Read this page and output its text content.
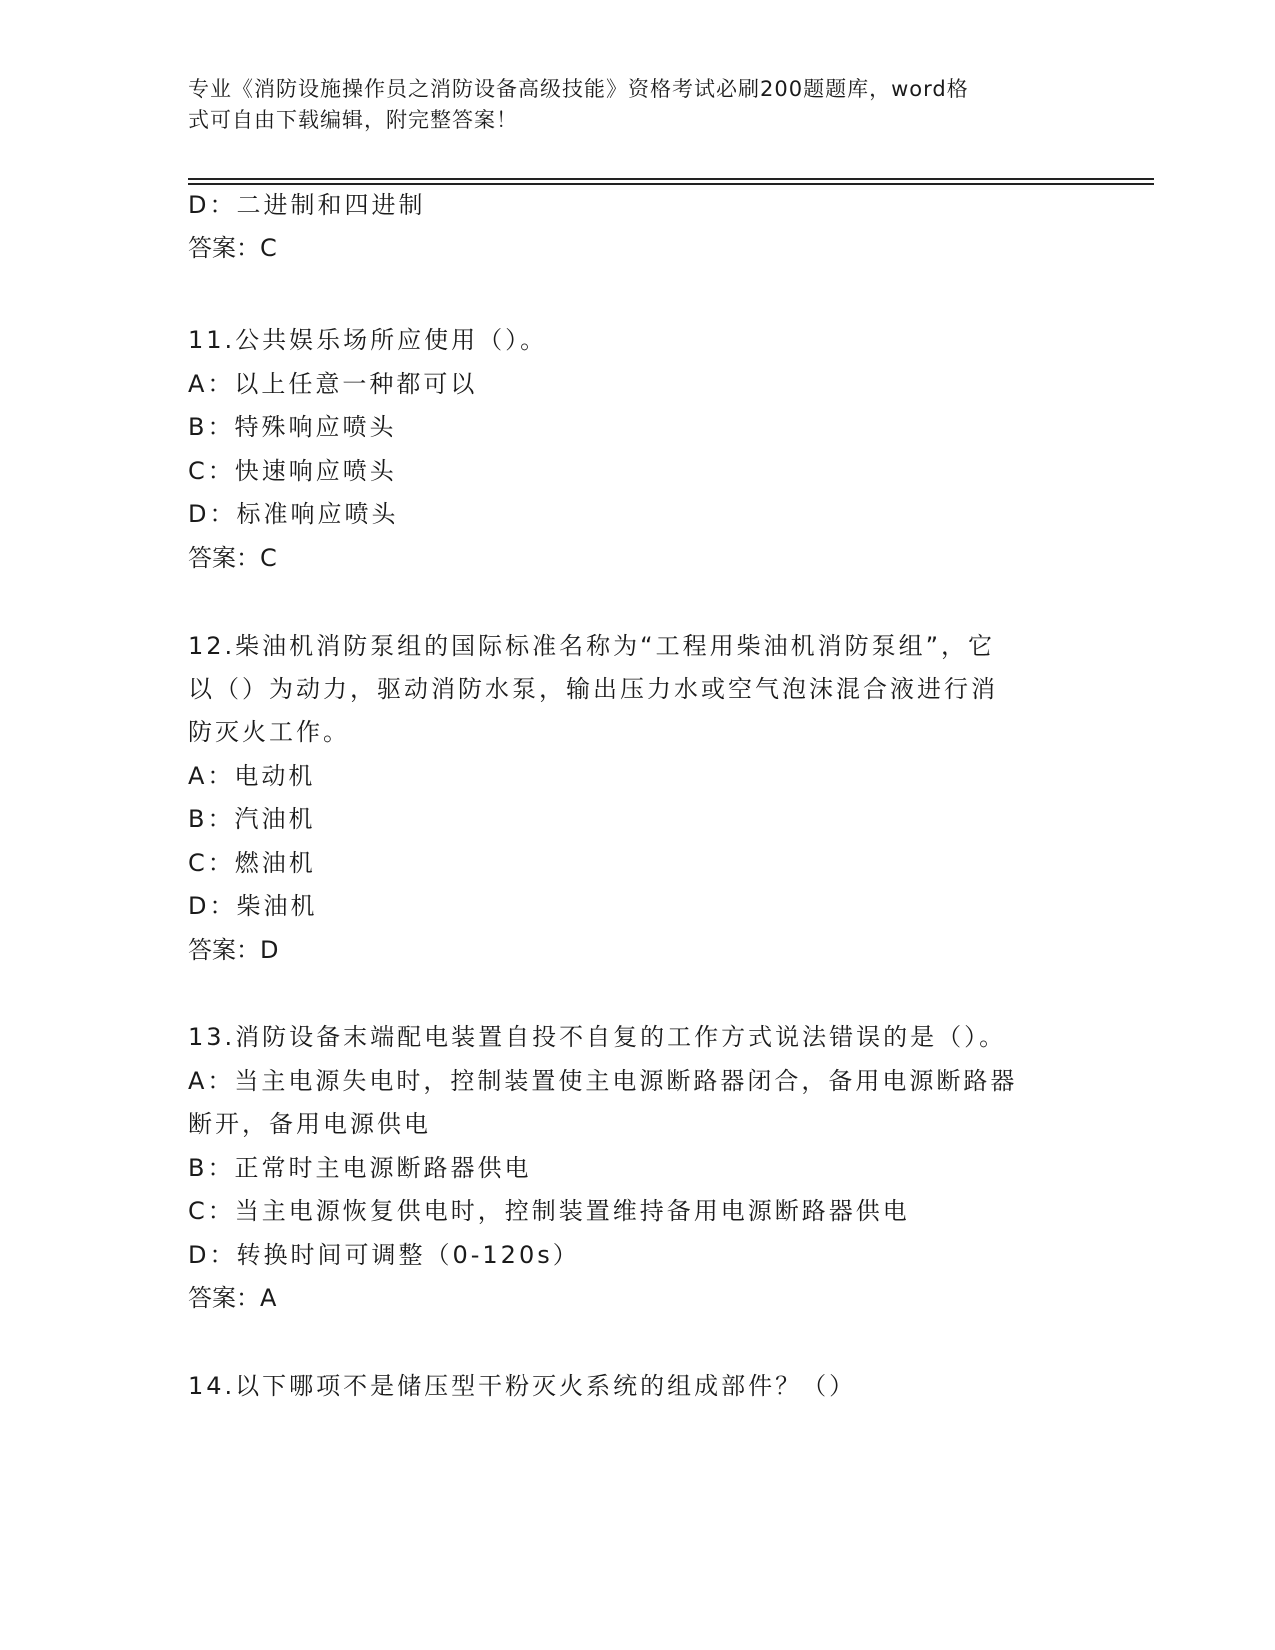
专业《消防设施操作员之消防设备高级技能》资格考试必刷200题题库，word格
式可自由下载编辑，附完整答案！
D：二进制和四进制
答案：C
11.公共娱乐场所应使用（）。
A：以上任意一种都可以
B：特殊响应喷头
C：快速响应喷头
D：标准响应喷头
答案：C
12.柴油机消防泵组的国际标准名称为“工程用柴油机消防泵组”，它
以（）为动力，驱动消防水泵，输出压力水或空气泡沫混合液进行消
防灭火工作。
A：电动机
B：汽油机
C：燃油机
D：柴油机
答案：D
13.消防设备末端配电装置自投不自复的工作方式说法错误的是（）。
A：当主电源失电时，控制装置使主电源断路器闭合，备用电源断路器
断开，备用电源供电
B：正常时主电源断路器供电
C：当主电源恢复供电时，控制装置维持备用电源断路器供电
D：转换时间可调整（0-120s）
答案：A
14.以下哪项不是储压型干粉灭火系统的组成部件？（）
